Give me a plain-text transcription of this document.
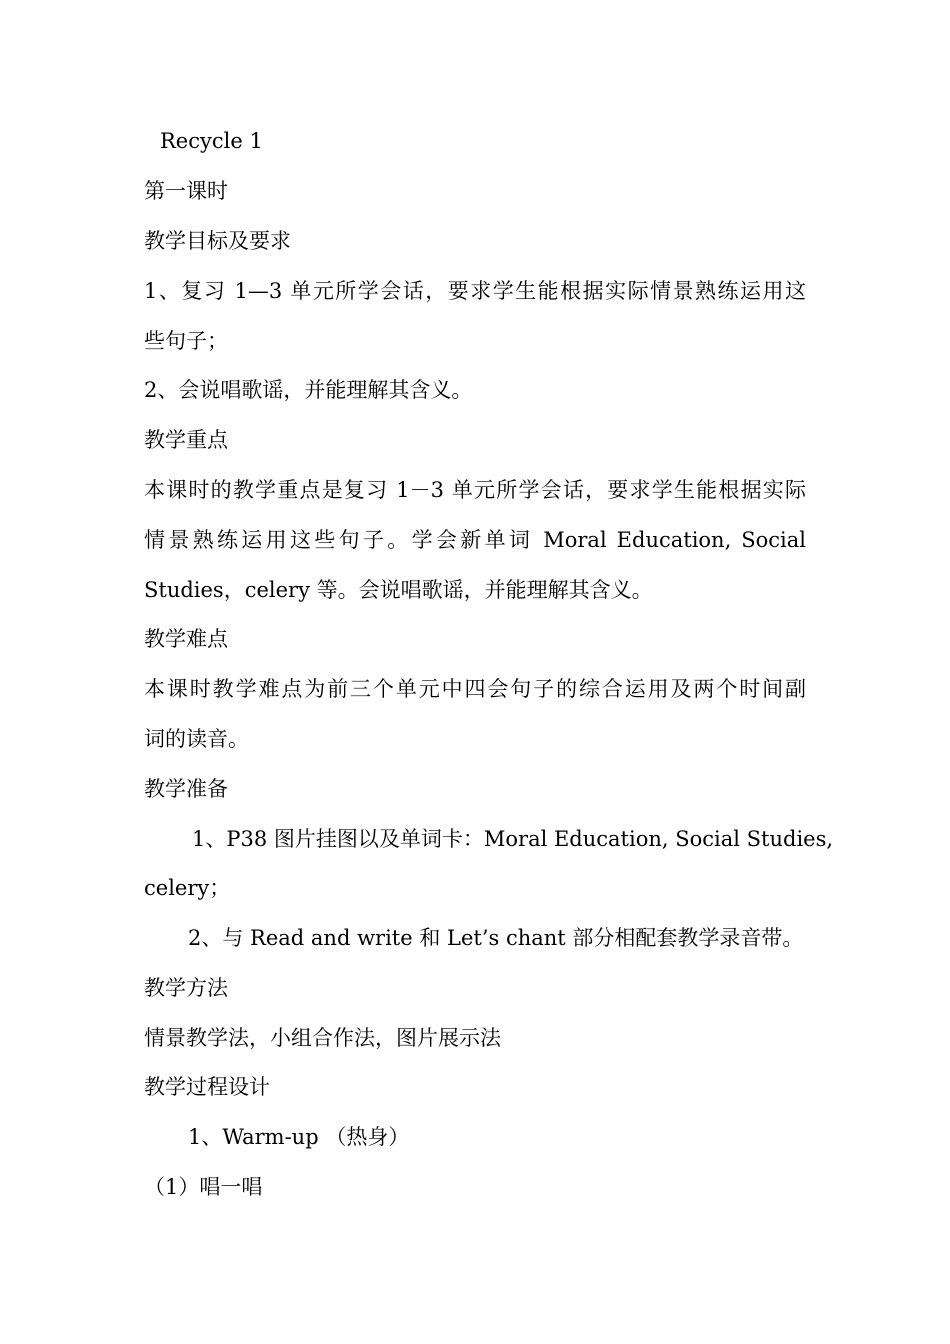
Recycle 1
第一课时
教学目标及要求
1、复习 1—3 单元所学会话，要求学生能根据实际情景熟练运用这
些句子；
2、会说唱歌谣，并能理解其含义。
教学重点
本课时的教学重点是复习 1－3 单元所学会话，要求学生能根据实际
情景熟练运用这些句子。学会新单词 Moral Education, Social
Studies，celery 等。会说唱歌谣，并能理解其含义。
教学难点
本课时教学难点为前三个单元中四会句子的综合运用及两个时间副
词的读音。
教学准备
1、P38 图片挂图以及单词卡：Moral Education, Social Studies,
celery；
2、与 Read and write 和 Let’s chant 部分相配套教学录音带。
教学方法
情景教学法，小组合作法，图片展示法
教学过程设计
1、Warm-up （热身）
（1）唱一唱
